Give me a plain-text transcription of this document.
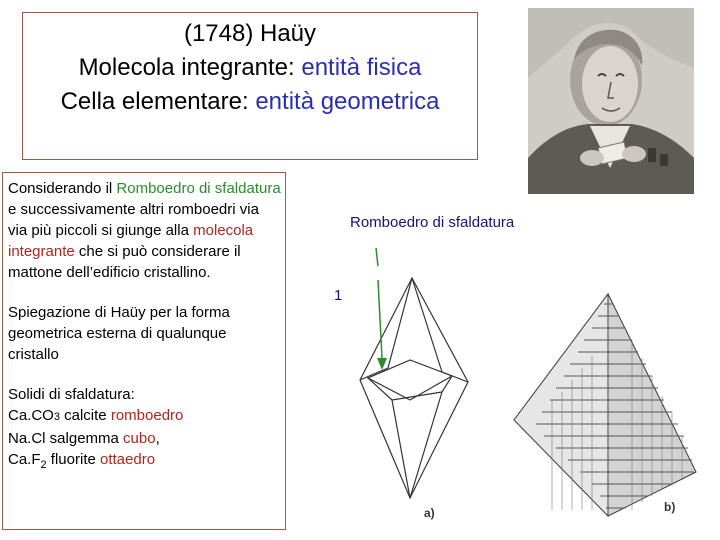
(1748) Haüy
Molecola integrante: entità fisica
Cella elementare: entità geometrica

Considerando il Romboedro di sfaldatura e successivamente altri romboedri via via più piccoli si giunge alla molecola integrante che si può considerare il mattone dell’edificio cristallino.

Spiegazione di Haüy per la forma geometrica esterna di qualunque cristallo

Solidi di sfaldatura:

Ca.CO3 calcite romboedro

Na.Cl salgemma cubo,

$Ca.F_2$ fluorite ottaedro

Romboedro di sfaldatura
1
a)	b)
